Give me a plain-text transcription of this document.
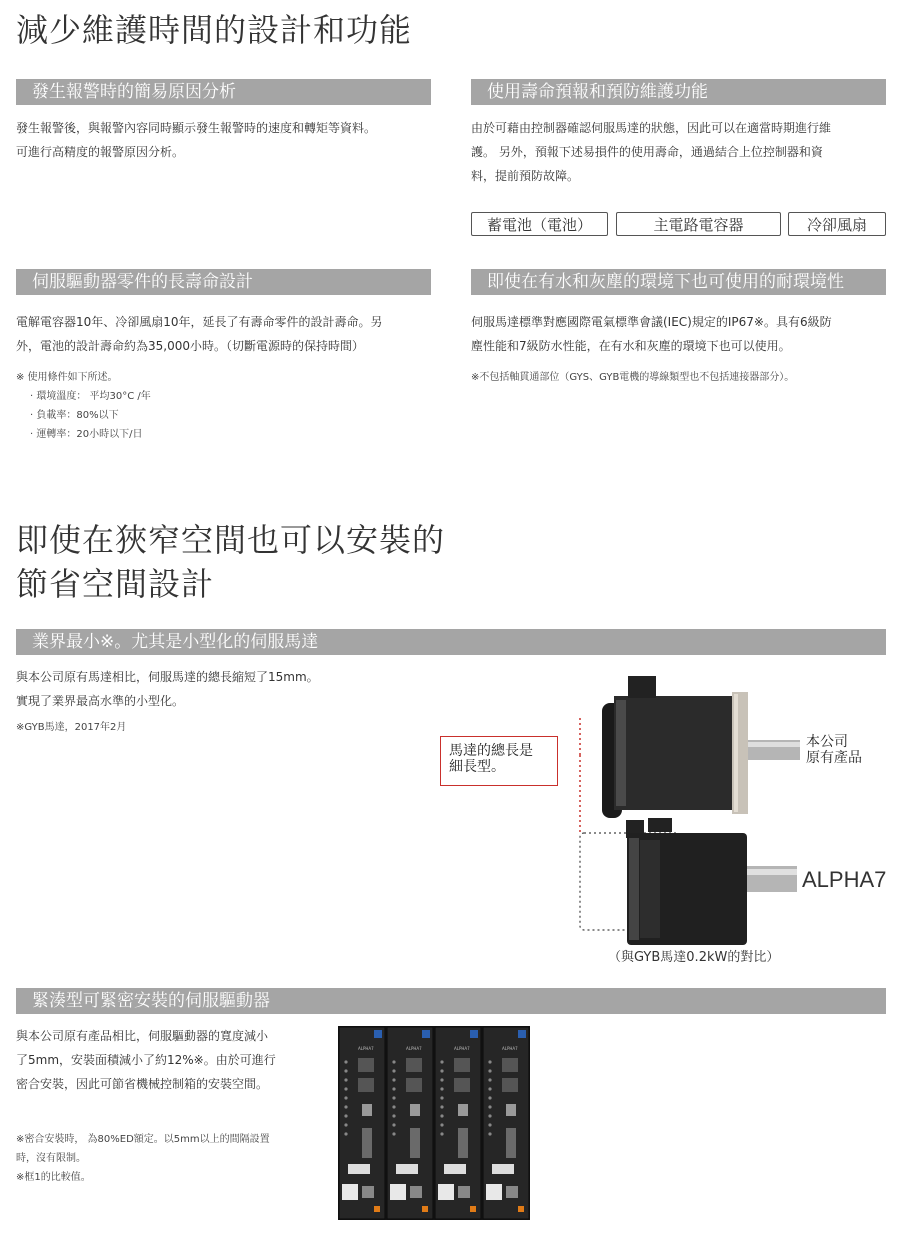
減少維護時間的設計和功能
發生報警時的簡易原因分析
發生報警後，與報警內容同時顯示發生報警時的速度和轉矩等資料。
可進行高精度的報警原因分析。
使用壽命預報和預防維護功能
由於可藉由控制器確認伺服馬達的狀態，因此可以在適當時期進行維
護。 另外，預報下述易損件的使用壽命，通過結合上位控制器和資
料，提前預防故障。
蓄電池（電池）	主電路電容器	冷卻風扇
伺服驅動器零件的長壽命設計
電解電容器10年、冷卻風扇10年，延長了有壽命零件的設計壽命。另
外，電池的設計壽命約為35,000小時。（切斷電源時的保持時間）
※ 使用條件如下所述。
· 環境溫度： 平均30°C /年
· 負載率：80%以下
· 運轉率：20小時以下/日
即使在有水和灰塵的環境下也可使用的耐環境性
伺服馬達標準對應國際電氣標準會議(IEC)規定的IP67※。具有6級防
塵性能和7級防水性能，在有水和灰塵的環境下也可以使用。
※不包括軸貫通部位（GYS、GYB電機的導線類型也不包括連接器部分）。
即使在狹窄空間也可以安裝的
節省空間設計
業界最小※。尤其是小型化的伺服馬達
與本公司原有馬達相比，伺服馬達的總長縮短了15mm。
實現了業界最高水準的小型化。
※GYB馬達，2017年2月
馬達的總長是
細長型。
本公司
原有產品
ALPHA7
（與GYB馬達0.2kW的對比）
緊湊型可緊密安裝的伺服驅動器
與本公司原有產品相比，伺服驅動器的寬度減小
了5mm，安裝面積減小了約12%※。由於可進行
密合安裝，因此可節省機械控制箱的安裝空間。
※密合安裝時， 為80%ED額定。以5mm以上的間隔設置
時，沒有限制。
※框1的比較值。
ALPHA7	ALPHA7	ALPHA7	ALPHA7
